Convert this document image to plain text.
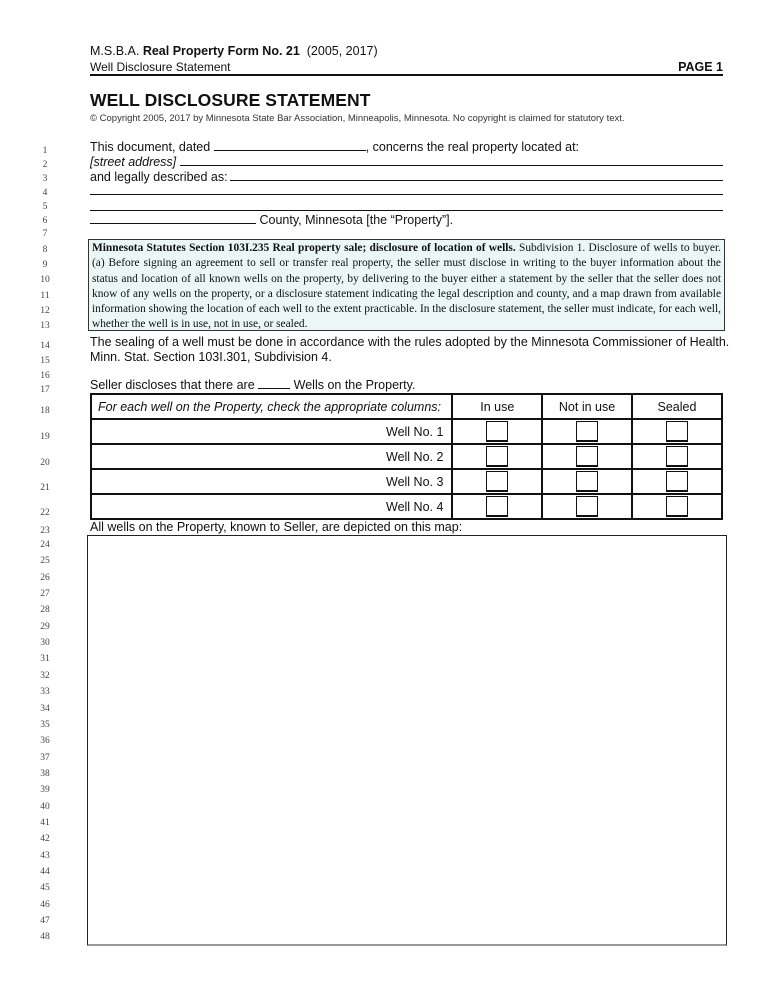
M.S.B.A. Real Property Form No. 21 (2005, 2017)
Well Disclosure Statement	PAGE 1
WELL DISCLOSURE STATEMENT
© Copyright 2005, 2017 by Minnesota State Bar Association, Minneapolis, Minnesota. No copyright is claimed for statutory text.
1
2
3
4
5
6
7
8
9
10
11
12
13
14
15
16
17
18
19
20
21
22
23
24
25
26
27
28
29
30
31
32
33
34
35
36
37
38
39
40
41
42
43
44
45
46
47
48
This document, dated	, concerns the real property located at:
[street address]
and legally described as:
County, Minnesota [the “Property”].
Minnesota Statutes Section 103I.235 Real property sale; disclosure of location of wells. Subdivision 1. Disclosure of wells to buyer. (a) Before signing an agreement to sell or transfer real property, the seller must disclose in writing to the buyer information about the status and location of all known wells on the property, by delivering to the buyer either a statement by the seller that the seller does not know of any wells on the property, or a disclosure statement indicating the legal description and county, and a map drawn from available information showing the location of each well to the extent practicable. In the disclosure statement, the seller must indicate, for each well, whether the well is in use, not in use, or sealed.
The sealing of a well must be done in accordance with the rules adopted by the Minnesota Commissioner of Health.
Minn. Stat. Section 103I.301, Subdivision 4.
Seller discloses that there are	Wells on the Property.
For each well on the Property, check the appropriate columns:	In use	Not in use	Sealed
Well No. 1			
Well No. 2			
Well No. 3			
Well No. 4			
All wells on the Property, known to Seller, are depicted on this map:
